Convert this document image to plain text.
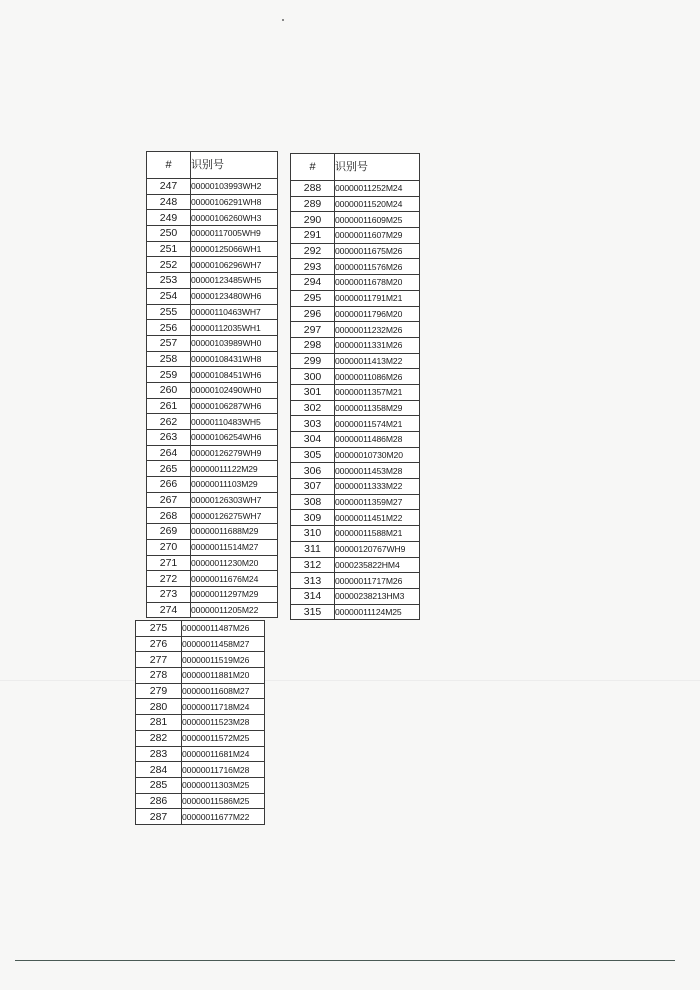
#	识别号
247	00000103993WH2
248	00000106291WH8
249	00000106260WH3
250	00000117005WH9
251	00000125066WH1
252	00000106296WH7
253	00000123485WH5
254	00000123480WH6
255	00000110463WH7
256	00000112035WH1
257	00000103989WH0
258	00000108431WH8
259	00000108451WH6
260	00000102490WH0
261	00000106287WH6
262	00000110483WH5
263	00000106254WH6
264	00000126279WH9
265	00000011122M29
266	00000011103M29
267	00000126303WH7
268	00000126275WH7
269	00000011688M29
270	00000011514M27
271	00000011230M20
272	00000011676M24
273	00000011297M29
274	00000011205M22
275	00000011487M26
276	00000011458M27
277	00000011519M26
278	00000011881M20
279	00000011608M27
280	00000011718M24
281	00000011523M28
282	00000011572M25
283	00000011681M24
284	00000011716M28
285	00000011303M25
286	00000011586M25
287	00000011677M22
#	识别号
288	00000011252M24
289	00000011520M24
290	00000011609M25
291	00000011607M29
292	00000011675M26
293	00000011576M26
294	00000011678M20
295	00000011791M21
296	00000011796M20
297	00000011232M26
298	00000011331M26
299	00000011413M22
300	00000011086M26
301	00000011357M21
302	00000011358M29
303	00000011574M21
304	00000011486M28
305	00000010730M20
306	00000011453M28
307	00000011333M22
308	00000011359M27
309	00000011451M22
310	00000011588M21
311	00000120767WH9
312	0000235822HM4
313	00000011717M26
314	00000238213HM3
315	00000011124M25
